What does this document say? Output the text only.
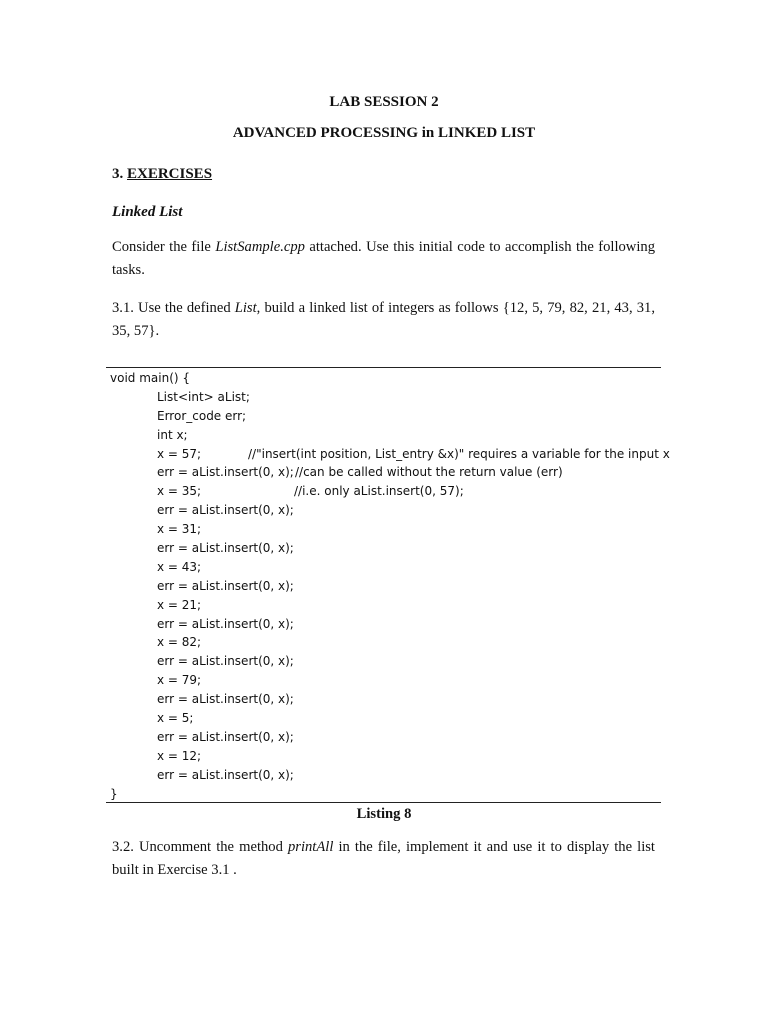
LAB SESSION 2
ADVANCED PROCESSING in LINKED LIST
3. EXERCISES
Linked List
Consider the file ListSample.cpp attached. Use this initial code to accomplish the following tasks.
3.1. Use the defined List, build a linked list of integers as follows {12, 5, 79, 82, 21, 43, 31, 35, 57}.
void main() {
List<int> aList;
Error_code err;
int x;
x = 57;	//"insert(int position, List_entry &x)" requires a variable for the input x
err = aList.insert(0, x); //can be called without the return value (err)
x = 35;	//i.e. only aList.insert(0, 57);
err = aList.insert(0, x);
x = 31;
err = aList.insert(0, x);
x = 43;
err = aList.insert(0, x);
x = 21;
err = aList.insert(0, x);
x = 82;
err = aList.insert(0, x);
x = 79;
err = aList.insert(0, x);
x = 5;
err = aList.insert(0, x);
x = 12;
err = aList.insert(0, x);
}
Listing 8
3.2. Uncomment the method printAll in the file, implement it and use it to display the list built in Exercise 3.1 .
